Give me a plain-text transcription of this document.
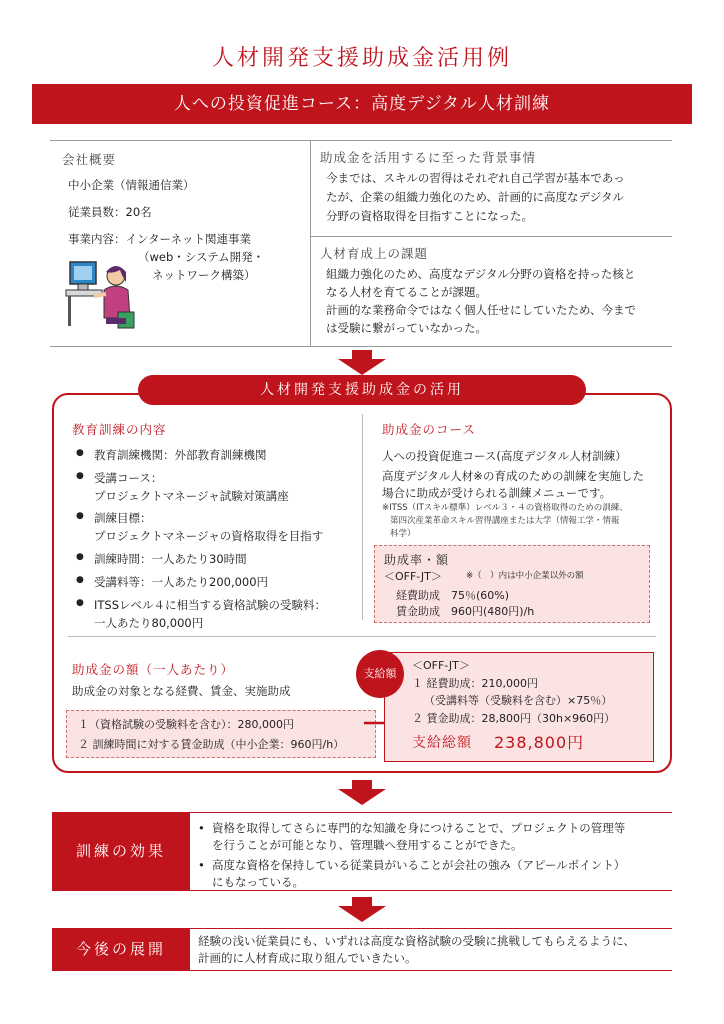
人材開発支援助成金活用例
人への投資促進コース：高度デジタル人材訓練
会社概要
中小企業（情報通信業）
従業員数：20名
事業内容：インターネット関連事業
（web・システム開発・
ネットワーク構築）
助成金を活用するに至った背景事情
今までは、スキルの習得はそれぞれ自己学習が基本であっ
たが、企業の組織力強化のため、計画的に高度なデジタル
分野の資格取得を目指すことになった。
人材育成上の課題
組織力強化のため、高度なデジタル分野の資格を持った核と
なる人材を育てることが課題。
計画的な業務命令ではなく個人任せにしていたため、今まで
は受験に繋がっていなかった。
人材開発支援助成金の活用
教育訓練の内容
● 教育訓練機関：外部教育訓練機関
● 受講コース：
プロジェクトマネージャ試験対策講座
● 訓練目標：
プロジェクトマネージャの資格取得を目指す
● 訓練時間：一人あたり30時間
● 受講料等：一人あたり200,000円
● ITSSレベル４に相当する資格試験の受験料：
一人あたり80,000円
助成金のコース
人への投資促進コース(高度デジタル人材訓練）
高度デジタル人材※の育成のための訓練を実施した
場合に助成が受けられる訓練メニューです。
※ITSS（ITスキル標準）レベル３・４の資格取得のための訓練、
第四次産業革命スキル習得講座または大学（情報工学・情報
科学）
助成率・額
＜OFF-JT＞	※（　）内は中小企業以外の額
経費助成　75％(60%)
賃金助成　960円(480円)/h
助成金の額（一人あたり）
助成金の対象となる経費、賃金、実施助成
１（資格試験の受験料を含む）：280,000円
２ 訓練時間に対する賃金助成（中小企業：960円/h）
支給額
＜OFF-JT＞
１ 経費助成：210,000円
（受講料等（受験料を含む）×75％）
２ 賃金助成：28,800円（30h×960円）
支給総額 238,800円
訓練の効果
• 資格を取得してさらに専門的な知識を身につけることで、プロジェクトの管理等
を行うことが可能となり、管理職へ登用することができた。
• 高度な資格を保持している従業員がいることが会社の強み（アピールポイント）
にもなっている。
今後の展開	経験の浅い従業員にも、いずれは高度な資格試験の受験に挑戦してもらえるように、
計画的に人材育成に取り組んでいきたい。
